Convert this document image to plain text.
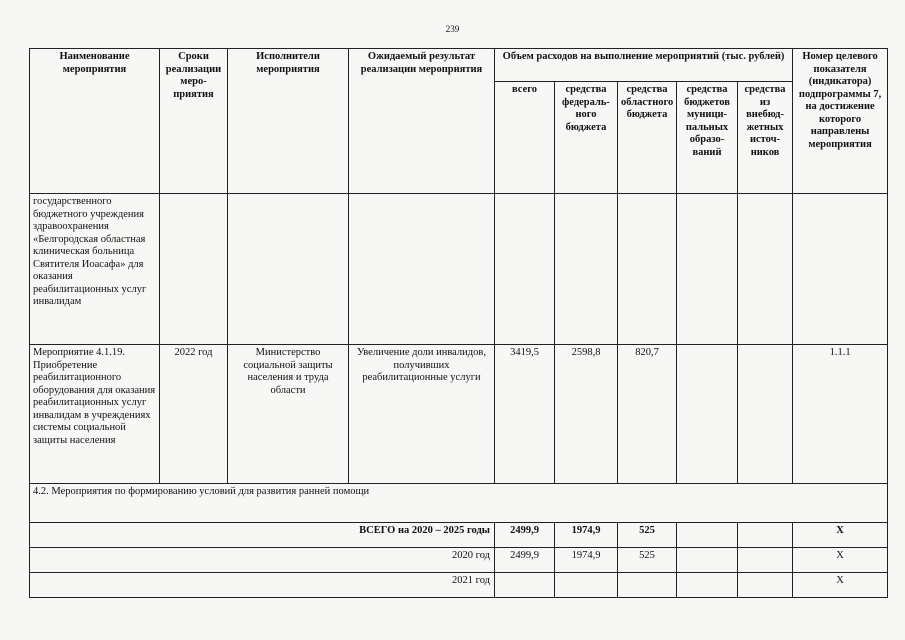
239
Наименование мероприятия	Сроки реализации меро-приятия	Исполнители мероприятия	Ожидаемый результат реализации мероприятия	Объем расходов на выполнение мероприятий (тыс. рублей)					Номер целевого показателя (индикатора) подпрограммы 7, на достижение которого направлены мероприятия
				всего	средства федераль-ного бюджета	средства областного бюджета	средства бюджетов муници-пальных образо-ваний	средства из внебюд-жетных источ-ников	
государственного бюджетного учреждения здравоохранения «Белгородская областная клиническая больница Святителя Иоасафа» для оказания реабилитационных услуг инвалидам									
Мероприятие 4.1.19. Приобретение реабилитационного оборудования для оказания реабилитационных услуг инвалидам в учреждениях системы социальной защиты населения	2022 год	Министерство социальной защиты населения и труда области	Увеличение доли инвалидов, получивших реабилитационные услуги	3419,5	2598,8	820,7			1.1.1
4.2. Мероприятия по формированию условий для развития ранней помощи									
ВСЕГО на 2020 – 2025 годы				2499,9	1974,9	525			Х
2020 год				2499,9	1974,9	525			Х
2021 год									Х
